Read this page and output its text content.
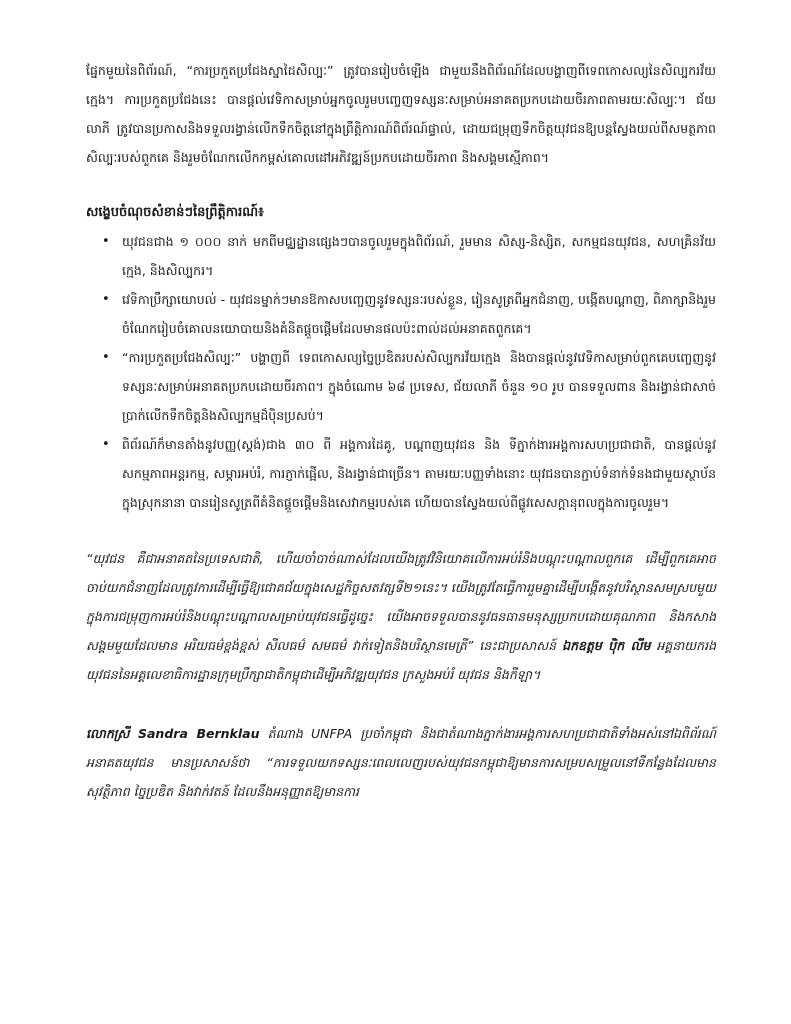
ផ្នែកមួយនៃពិព័រណ៍, “ការប្រកួតប្រជែងស្នាដៃសិល្បៈ” ត្រូវបានរៀបចំឡើង ជាមួយនឹងពិព័រណ៍ដែលបង្ហាញពីទេពកោសល្យនៃសិល្បករវ័យក្មេង។ ការប្រកួតប្រជែងនេះ បានផ្តល់វេទិកាសម្រាប់អ្នកចូលរួមបញ្ចេញទស្សនៈសម្រាប់អនាគតប្រកបដោយចីរភាពតាមរយៈសិល្បៈ។ ជ័យលាភី ត្រូវបានប្រកាសនិងទទួលរង្វាន់លើកទឹកចិត្តនៅក្នុងព្រឹត្តិការណ៍ពិព័រណ៍ផ្ទាល់, ដោយជម្រុញទឹកចិត្តយុវជនឱ្យបន្តស្វែងយល់ពីសមត្ថភាពសិល្បៈរបស់ពួកគេ និងរួមចំណែកលើកកម្ពស់គោលដៅអភិវឌ្ឍន៍ប្រកបដោយចីរភាព និងសង្គមស្មើភាព។

សង្ខេបចំណុចសំខាន់ៗនៃព្រឹត្តិការណ៍៖
• យុវជនជាង ១ ០០០ នាក់ មកពីមជ្ឈដ្ឋានផ្សេងៗបានចូលរួមក្នុងពិព័រណ៍, រួមមាន សិស្ស-និស្សិត, សកម្មជនយុវជន, សហគ្រិនវ័យក្មេង, និងសិល្បករ។
• វេទិកាប្រឹក្សាយោបល់ - យុវជនម្នាក់ៗមានឱកាសបញ្ចេញនូវទស្សនៈរបស់ខ្លួន, រៀនសូត្រពីអ្នកជំនាញ, បង្កើតបណ្ដាញ, ពិភាក្សានិងរួមចំណែករៀបចំគោលនយោបាយនិងគំនិតផ្តួចផ្តើមដែលមានផលប៉ះពាល់ដល់អនាគតពួកគេ។
• “ការប្រកួតប្រជែងសិល្បៈ” បង្ហាញពី ទេពកោសល្យច្នៃប្រឌិតរបស់សិល្បករវ័យក្មេង និងបានផ្តល់នូវវេទិកាសម្រាប់ពួកគេបញ្ចេញនូវទស្សនៈសម្រាប់អនាគតប្រកបដោយចីរភាព។ ក្នុងចំណោម ៦៨ ប្រទេស, ជ័យលាភី ចំនួន ១០ រូប បានទទួលពាន និងរង្វាន់ជាសាច់ប្រាក់លើកទឹកចិត្តនិងសិល្បកម្មដ៏ប៉ិនប្រសប់។
• ពិព័រណ៍ក៏មានតាំងនូវបញ្ញ(ស្តង់)ជាង ៣០ ពី អង្គការដៃគូ, បណ្តាញយុវជន និង ទីភ្នាក់ងារអង្គការសហប្រជាជាតិ, បានផ្តល់នូវ សកម្មភាពអន្តរកម្ម, សម្ភារអប់រំ, ការភ្ញាក់ផ្អើល, និងរង្វាន់ជាច្រើន។ តាមរយៈបញ្ញទាំងនោះ យុវជនបានភ្ជាប់ទំនាក់ទំនងជាមួយស្ថាប័នក្នុងស្រុកនានា បានរៀនសូត្រពីគំនិតផ្តួចផ្តើមនិងសេវាកម្មរបស់គេ ហើយបានស្វែងយល់ពីផ្លូវសេសក្តានុពលក្នុងការចូលរួម។

“យុវជន គឺជាអនាគតនៃប្រទេសជាតិ, ហើយចាំបាច់ណាស់ដែលយើងត្រូវវិនិយោគលើការអប់រំនិងបណ្ដុះបណ្ដាលពួកគេ ដើម្បីពួកគេអាចចាប់យកជំនាញដែលត្រូវការដើម្បីធ្វើឱ្យជោគជ័យក្នុងសេដ្ឋកិច្ចសតវត្សទី២១នេះ។ យើងត្រូវតែធ្វើការរួមគ្នាដើម្បីបង្កើតនូវបរិស្ថានសមស្របមួយក្នុងការជម្រុញការអប់រំនិងបណ្ដុះបណ្ដាលសម្រាប់យុវជនធ្វើដូច្នេះ យើងអាចទទួលបាននូវធនធានមនុស្សប្រកបដោយគុណភាព និងកសាងសង្គមមួយដែលមាន អរិយធម៌ខ្ពង់ខ្ពស់ សីលធម៌ សមធម៌ វាក់ទៀតនិងបរិស្ថានមេត្រី” នេះជាប្រសាសន៍ ឯកឧត្ដម ប៉ិក លីម អគ្គនាយករងយុវជននៃអគ្គលេខាធិការដ្ឋានក្រុមប្រឹក្សាជាតិកម្ពុជាដើម្បីអភិវឌ្ឍយុវជន ក្រសួងអប់រំ យុវជន និងកីឡា។

លោកស្រី Sandra Bernklau តំណាង UNFPA ប្រចាំកម្ពុជា និងជាតំណាងភ្នាក់ងារអង្គការសហប្រជាជាតិទាំងអស់នៅឯពិព័រណ៍អនាគតយុវជន មានប្រសាសន៍ថា “ការទទួលយកទស្សនៈពេលលេញរបស់យុវជនកម្ពុជាឱ្យមានការសម្របសម្រួលនៅទីកន្លែងដែលមានសុវត្ថិភាព ច្នៃប្រឌិត និងវាក់វតន៍ ដែលនឹងអនុញ្ញាតឱ្យមានការ
